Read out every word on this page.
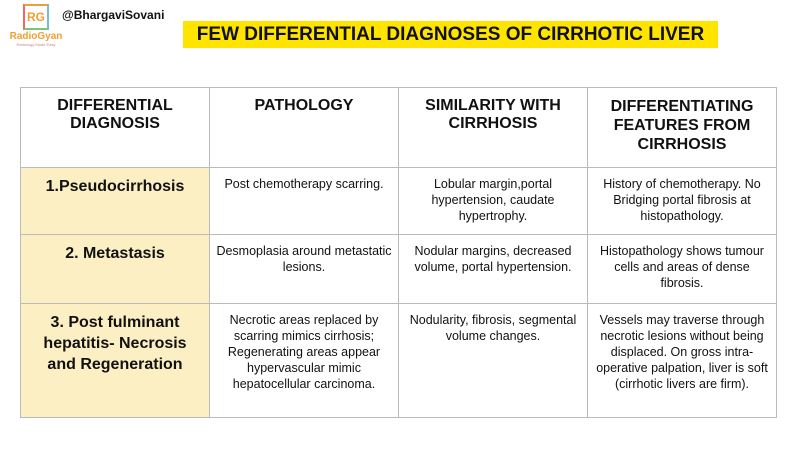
RG
RadioGyan
Radiology Made Easy
@BhargaviSovani
FEW DIFFERENTIAL DIAGNOSES OF CIRRHOTIC LIVER
DIFFERENTIAL DIAGNOSIS	PATHOLOGY	SIMILARITY WITH CIRRHOSIS	DIFFERENTIATING FEATURES FROM CIRRHOSIS
1.Pseudocirrhosis	Post chemotherapy scarring.	Lobular margin,portal hypertension, caudate hypertrophy.	History of chemotherapy. No Bridging portal fibrosis at histopathology.
2. Metastasis	Desmoplasia around metastatic lesions.	Nodular margins, decreased volume, portal hypertension.	Histopathology shows tumour cells and areas of dense fibrosis.
3. Post fulminant hepatitis- Necrosis and Regeneration	Necrotic areas replaced by scarring mimics cirrhosis; Regenerating areas appear hypervascular mimic hepatocellular carcinoma.	Nodularity, fibrosis, segmental volume changes.	Vessels may traverse through necrotic lesions without being displaced. On gross intra-operative palpation, liver is soft (cirrhotic livers are firm).
